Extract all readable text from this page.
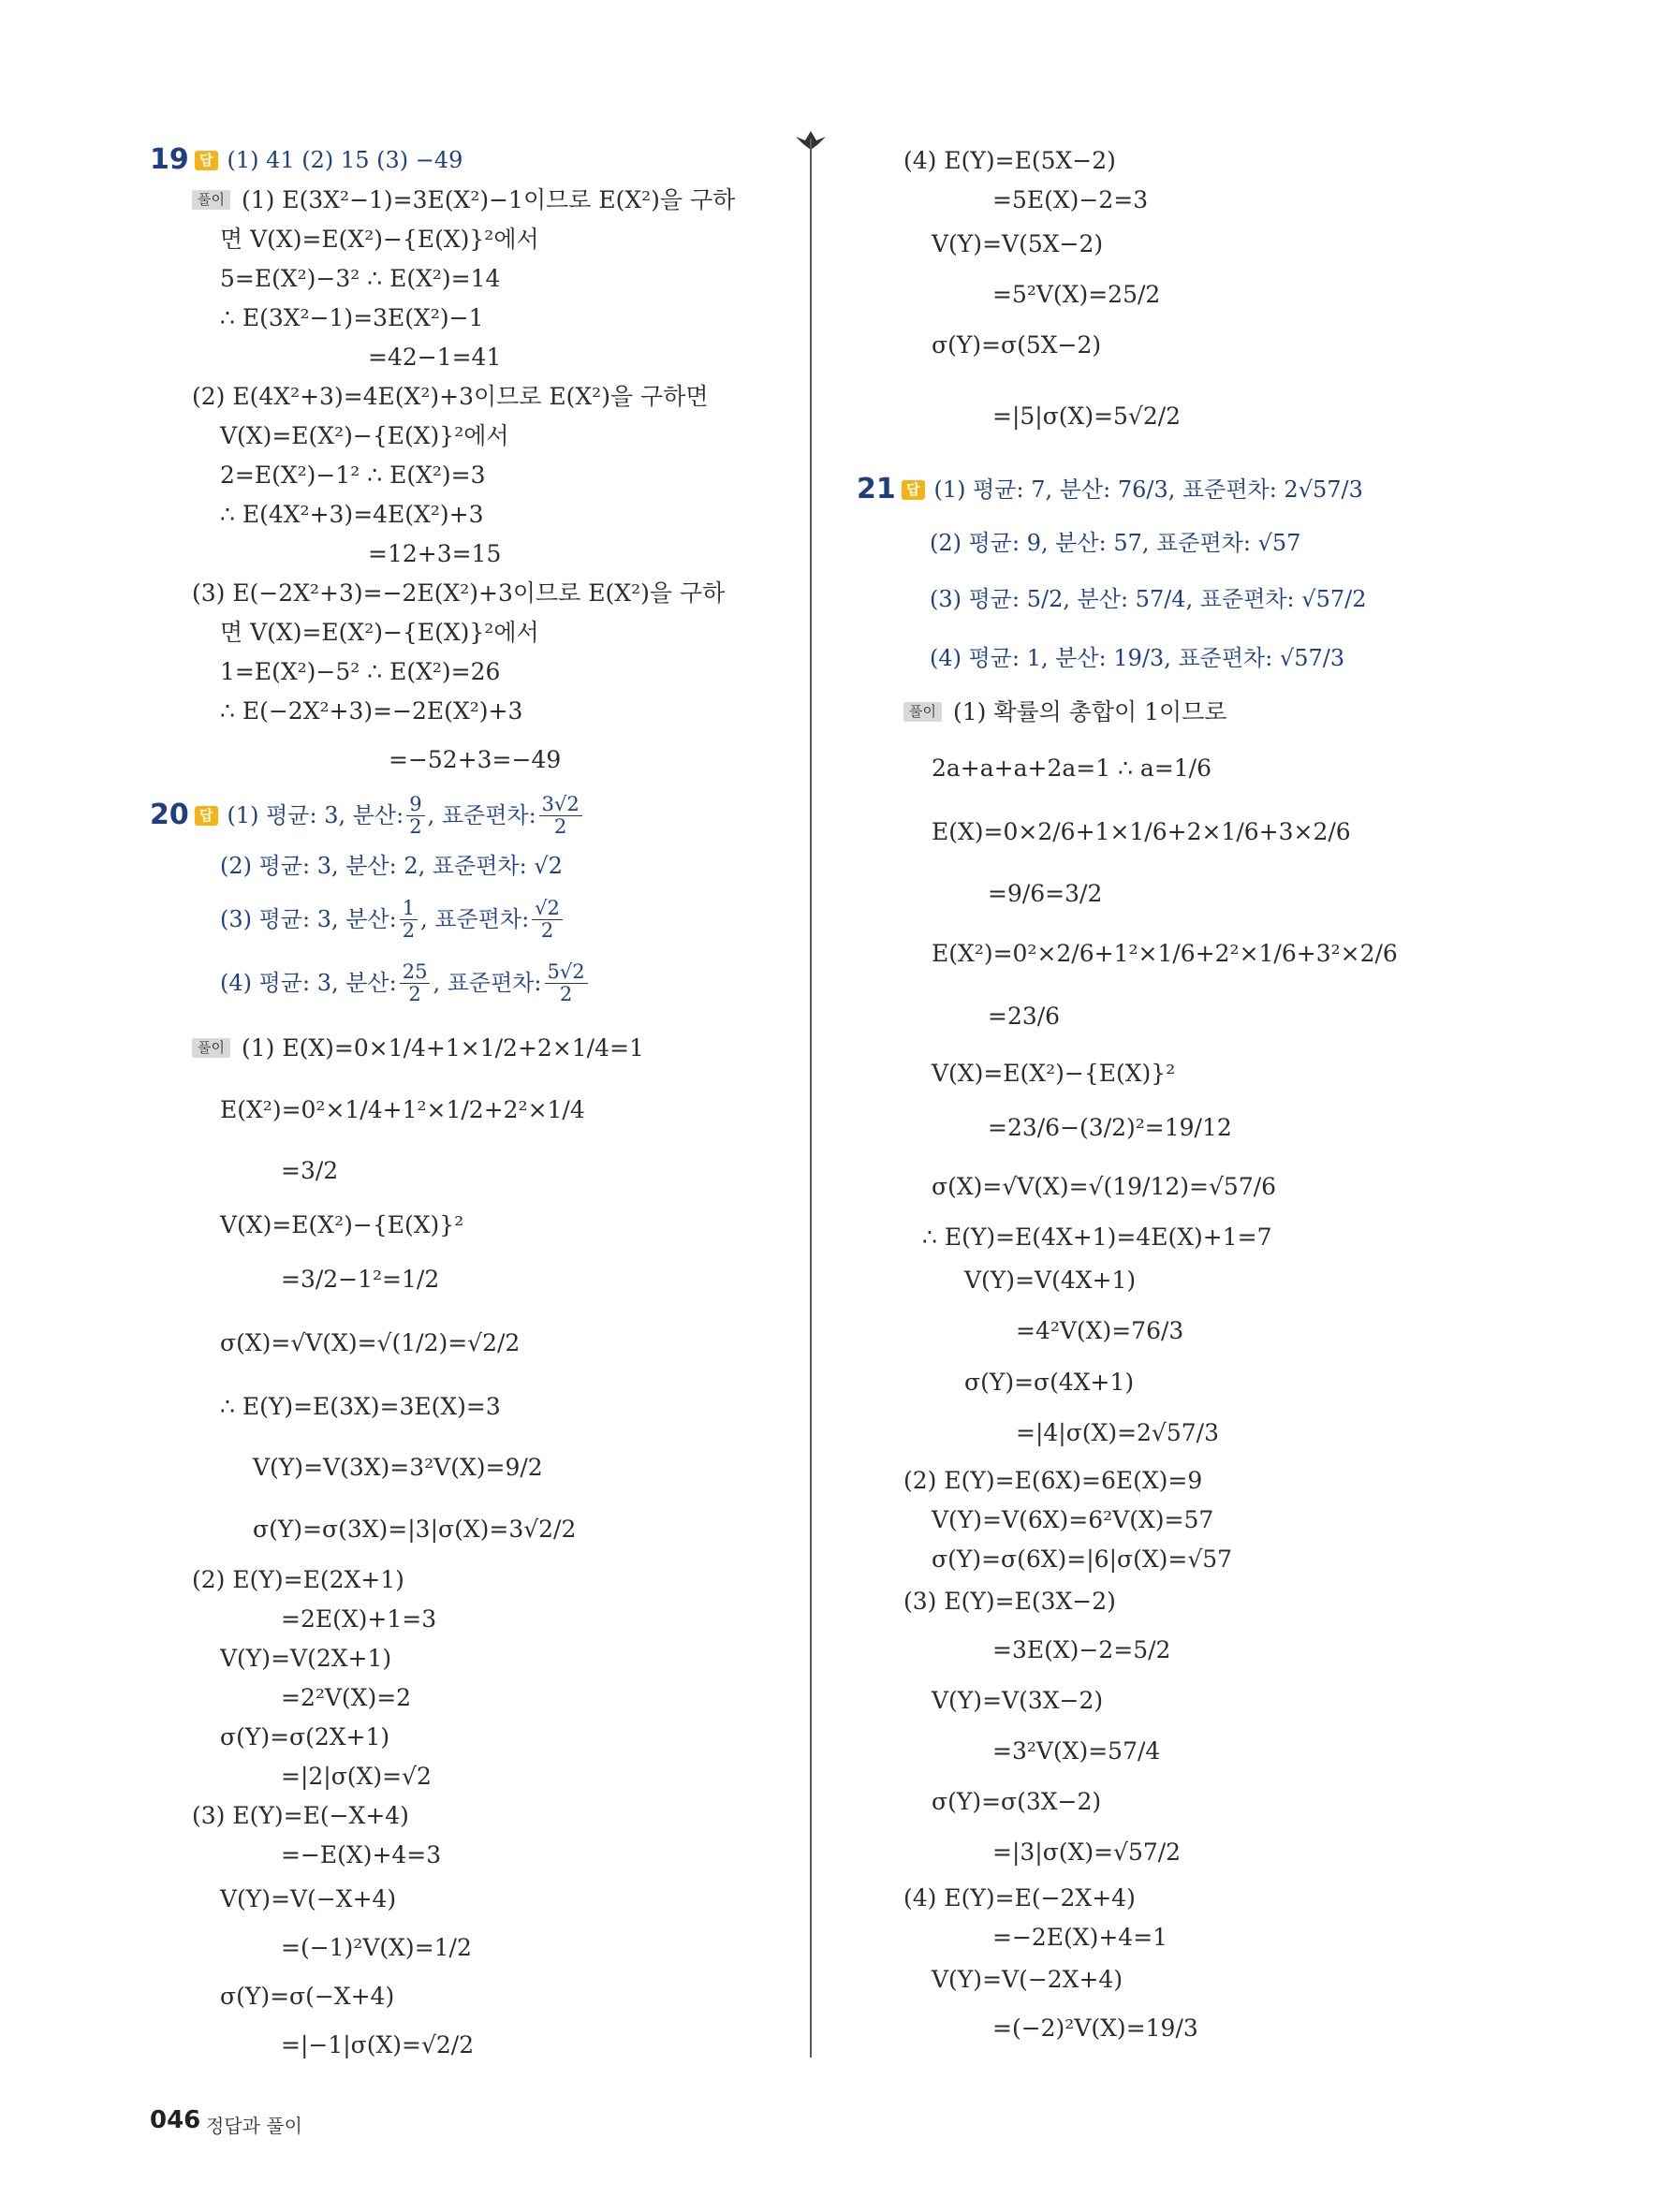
19 답 (1) 41 (2) 15 (3) −49
풀이 (1) E(3X²−1)=3E(X²)−1이므로 E(X²)을 구하
면 V(X)=E(X²)−{E(X)}²에서
5=E(X²)−3² ∴ E(X²)=14
∴ E(3X²−1)=3E(X²)−1
=42−1=41
(2) E(4X²+3)=4E(X²)+3이므로 E(X²)을 구하면
V(X)=E(X²)−{E(X)}²에서
2=E(X²)−1² ∴ E(X²)=3
∴ E(4X²+3)=4E(X²)+3
=12+3=15
(3) E(−2X²+3)=−2E(X²)+3이므로 E(X²)을 구하
면 V(X)=E(X²)−{E(X)}²에서
1=E(X²)−5² ∴ E(X²)=26
∴ E(−2X²+3)=−2E(X²)+3
=−52+3=−49
20 답 (1) 평균: 3, 분산: $\frac{9}{2}$ , 표준편차: $\frac{3√2}{2}$
(2) 평균: 3, 분산: 2, 표준편차: √2
(3) 평균: 3, 분산: $\frac{1}{2}$ , 표준편차: $\frac{√2}{2}$
(4) 평균: 3, 분산: $\frac{25}{2}$ , 표준편차: $\frac{5√2}{2}$
풀이 (1) E(X)=0×1/4+1×1/2+2×1/4=1
E(X²)=0²×1/4+1²×1/2+2²×1/4
=3/2
V(X)=E(X²)−{E(X)}²
=3/2−1²=1/2
σ(X)=√V(X)=√(1/2)=√2/2
∴ E(Y)=E(3X)=3E(X)=3
V(Y)=V(3X)=3²V(X)=9/2
σ(Y)=σ(3X)=|3|σ(X)=3√2/2
(2) E(Y)=E(2X+1)
=2E(X)+1=3
V(Y)=V(2X+1)
=2²V(X)=2
σ(Y)=σ(2X+1)
=|2|σ(X)=√2
(3) E(Y)=E(−X+4)
=−E(X)+4=3
V(Y)=V(−X+4)
=(−1)²V(X)=1/2
σ(Y)=σ(−X+4)
=|−1|σ(X)=√2/2
(4) E(Y)=E(5X−2)
=5E(X)−2=3
V(Y)=V(5X−2)
=5²V(X)=25/2
σ(Y)=σ(5X−2)
=|5|σ(X)=5√2/2
21 답 (1) 평균: 7, 분산: 76/3, 표준편차: 2√57/3
(2) 평균: 9, 분산: 57, 표준편차: √57
(3) 평균: 5/2, 분산: 57/4, 표준편차: √57/2
(4) 평균: 1, 분산: 19/3, 표준편차: √57/3
풀이 (1) 확률의 총합이 1이므로
2a+a+a+2a=1 ∴ a=1/6
E(X)=0×2/6+1×1/6+2×1/6+3×2/6
=9/6=3/2
E(X²)=0²×2/6+1²×1/6+2²×1/6+3²×2/6
=23/6
V(X)=E(X²)−{E(X)}²
=23/6−(3/2)²=19/12
σ(X)=√V(X)=√(19/12)=√57/6
∴ E(Y)=E(4X+1)=4E(X)+1=7
V(Y)=V(4X+1)
=4²V(X)=76/3
σ(Y)=σ(4X+1)
=|4|σ(X)=2√57/3
(2) E(Y)=E(6X)=6E(X)=9
V(Y)=V(6X)=6²V(X)=57
σ(Y)=σ(6X)=|6|σ(X)=√57
(3) E(Y)=E(3X−2)
=3E(X)−2=5/2
V(Y)=V(3X−2)
=3²V(X)=57/4
σ(Y)=σ(3X−2)
=|3|σ(X)=√57/2
(4) E(Y)=E(−2X+4)
=−2E(X)+4=1
V(Y)=V(−2X+4)
=(−2)²V(X)=19/3
046 정답과 풀이
